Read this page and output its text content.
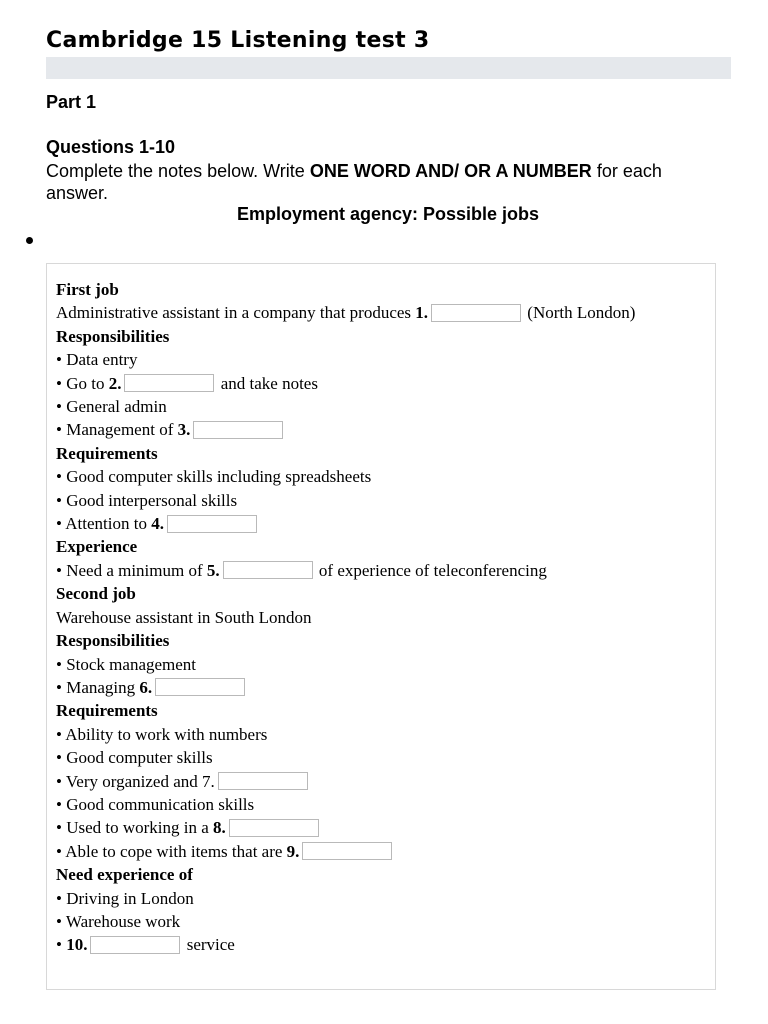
Cambridge 15 Listening test 3
Part 1
Questions 1-10

Complete the notes below. Write ONE WORD AND/ OR A NUMBER for each answer.

Employment agency: Possible jobs

First job
Administrative assistant in a company that produces 1.	(North London)
Responsibilities
• Data entry
• Go to 2.	and take notes
• General admin
• Management of 3.
Requirements
• Good computer skills including spreadsheets
• Good interpersonal skills
• Attention to 4.
Experience
• Need a minimum of 5.	of experience of teleconferencing
Second job
Warehouse assistant in South London
Responsibilities
• Stock management
• Managing 6.
Requirements
• Ability to work with numbers
• Good computer skills
• Very organized and 7.
• Good communication skills
• Used to working in a 8.
• Able to cope with items that are 9.
Need experience of
• Driving in London
• Warehouse work
• 10.	service
